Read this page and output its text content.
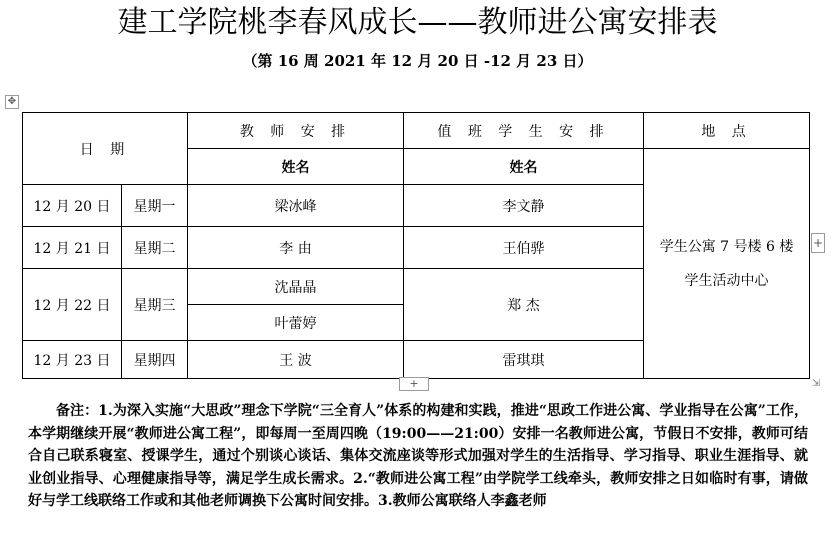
建工学院桃李春风成长——教师进公寓安排表
（第 16 周 2021 年 12 月 20 日 -12 月 23 日）
✥
日 期		教 师 安 排	值 班 学 生 安 排	地 点
		姓名	姓名	学生公寓 7 号楼 6 楼
学生活动中心

12 月 20 日	星期一	梁冰峰	李文静	
12 月 21 日	星期二	李 由	王伯骅	
12 月 22 日	星期三	沈晶晶	郑 杰	
		叶蕾婷		
12 月 23 日	星期四	王 波	雷琪琪	
+
+	⇲

备注：1.为深入实施“大思政”理念下学院“三全育人”体系的构建和实践，推进“思政工作进公寓、学业指导在公寓”工作，本学期继续开展“教师进公寓工程”，即每周一至周四晚（19:00——21:00）安排一名教师进公寓，节假日不安排，教师可结合自己联系寝室、授课学生，通过个别谈心谈话、集体交流座谈等形式加强对学生的生活指导、学习指导、职业生涯指导、就业创业指导、心理健康指导等，满足学生成长需求。2.“教师进公寓工程”由学院学工线牵头，教师安排之日如临时有事，请做好与学工线联络工作或和其他老师调换下公寓时间安排。3.教师公寓联络人李鑫老师
